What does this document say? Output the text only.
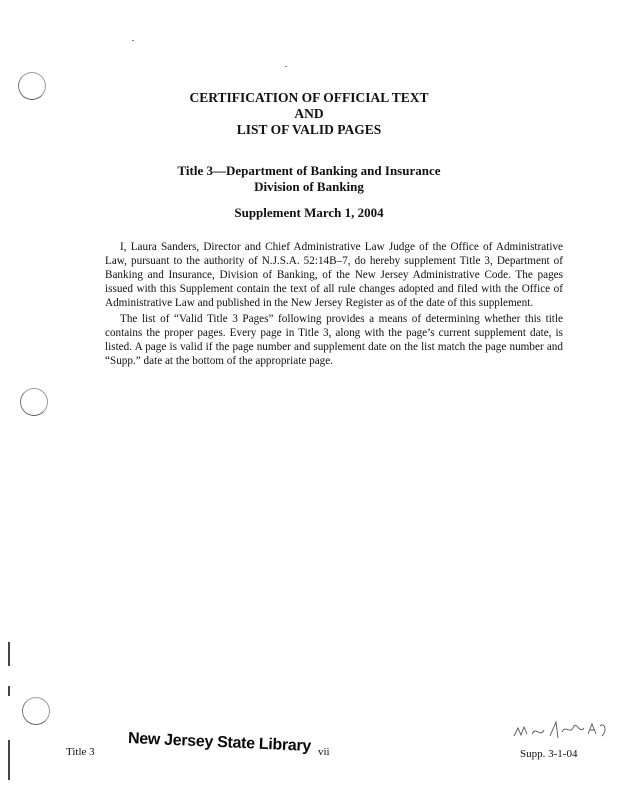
CERTIFICATION OF OFFICIAL TEXT
AND
LIST OF VALID PAGES
Title 3—Department of Banking and Insurance
Division of Banking
Supplement March 1, 2004

I, Laura Sanders, Director and Chief Administrative Law Judge of the Office of Administrative Law, pursuant to the authority of N.J.S.A. 52:14B–7, do hereby supplement Title 3, Department of Banking and Insurance, Division of Banking, of the New Jersey Administrative Code. The pages issued with this Supplement contain the text of all rule changes adopted and filed with the Office of Administrative Law and published in the New Jersey Register as of the date of this supplement.

The list of “Valid Title 3 Pages” following provides a means of determining whether this title contains the proper pages. Every page in Title 3, along with the page’s current supplement date, is listed. A page is valid if the page number and supplement date on the list match the page number and “Supp.” date at the bottom of the appropriate page.

Title 3 New Jersey State Library vii	Supp. 3-1-04
